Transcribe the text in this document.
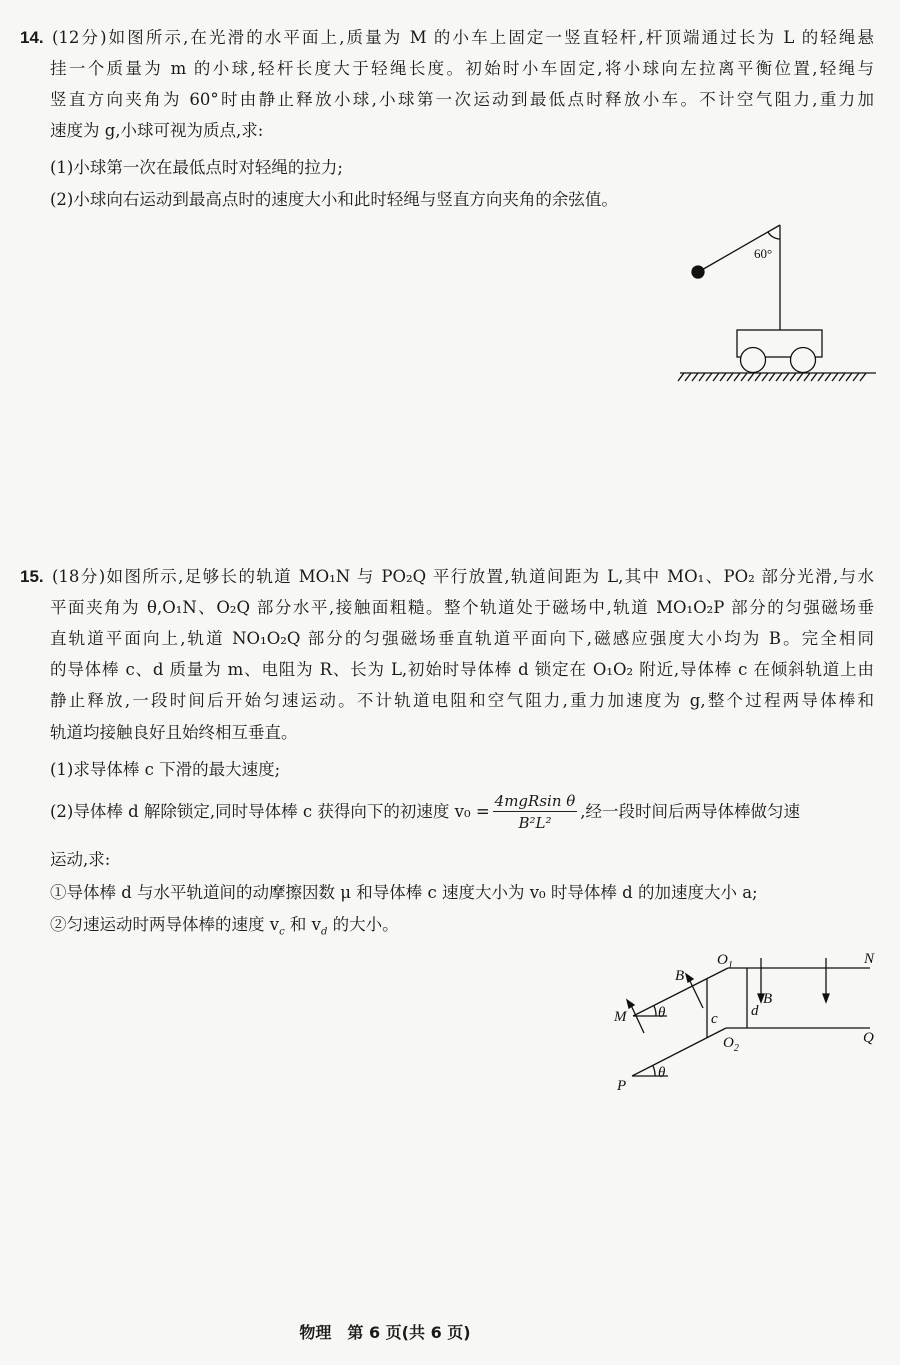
14. (12分)如图所示,在光滑的水平面上,质量为 M 的小车上固定一竖直轻杆,杆顶端通过长为 L 的轻绳悬
挂一个质量为 m 的小球,轻杆长度大于轻绳长度。初始时小车固定,将小球向左拉离平衡位置,轻绳与
竖直方向夹角为 60°时由静止释放小球,小球第一次运动到最低点时释放小车。不计空气阻力,重力加
速度为 g,小球可视为质点,求:
(1)小球第一次在最低点时对轻绳的拉力;
(2)小球向右运动到最高点时的速度大小和此时轻绳与竖直方向夹角的余弦值。
60°
$O_1$
$O_2$
N
Q
M
P
B
B
c d
θ
θ
15. (18分)如图所示,足够长的轨道 MO₁N 与 PO₂Q 平行放置,轨道间距为 L,其中 MO₁、PO₂ 部分光滑,与水
平面夹角为 θ,O₁N、O₂Q 部分水平,接触面粗糙。整个轨道处于磁场中,轨道 MO₁O₂P 部分的匀强磁场垂
直轨道平面向上,轨道 NO₁O₂Q 部分的匀强磁场垂直轨道平面向下,磁感应强度大小均为 B。完全相同
的导体棒 c、d 质量为 m、电阻为 R、长为 L,初始时导体棒 d 锁定在 O₁O₂ 附近,导体棒 c 在倾斜轨道上由
静止释放,一段时间后开始匀速运动。不计轨道电阻和空气阻力,重力加速度为 g,整个过程两导体棒和
轨道均接触良好且始终相互垂直。
(1)求导体棒 c 下滑的最大速度;
(2)导体棒 d 解除锁定,同时导体棒 c 获得向下的初速度 $v_0 = \frac{\text{4mgRsin θ}}{\text{B²L²}}$ ,经一段时间后两导体棒做匀速
运动,求:
①导体棒 d 与水平轨道间的动摩擦因数 μ 和导体棒 c 速度大小为 v₀ 时导体棒 d 的加速度大小 a;
②匀速运动时两导体棒的速度 $v_c$ 和 $v_d$ 的大小。
物理　第 6 页(共 6 页)
